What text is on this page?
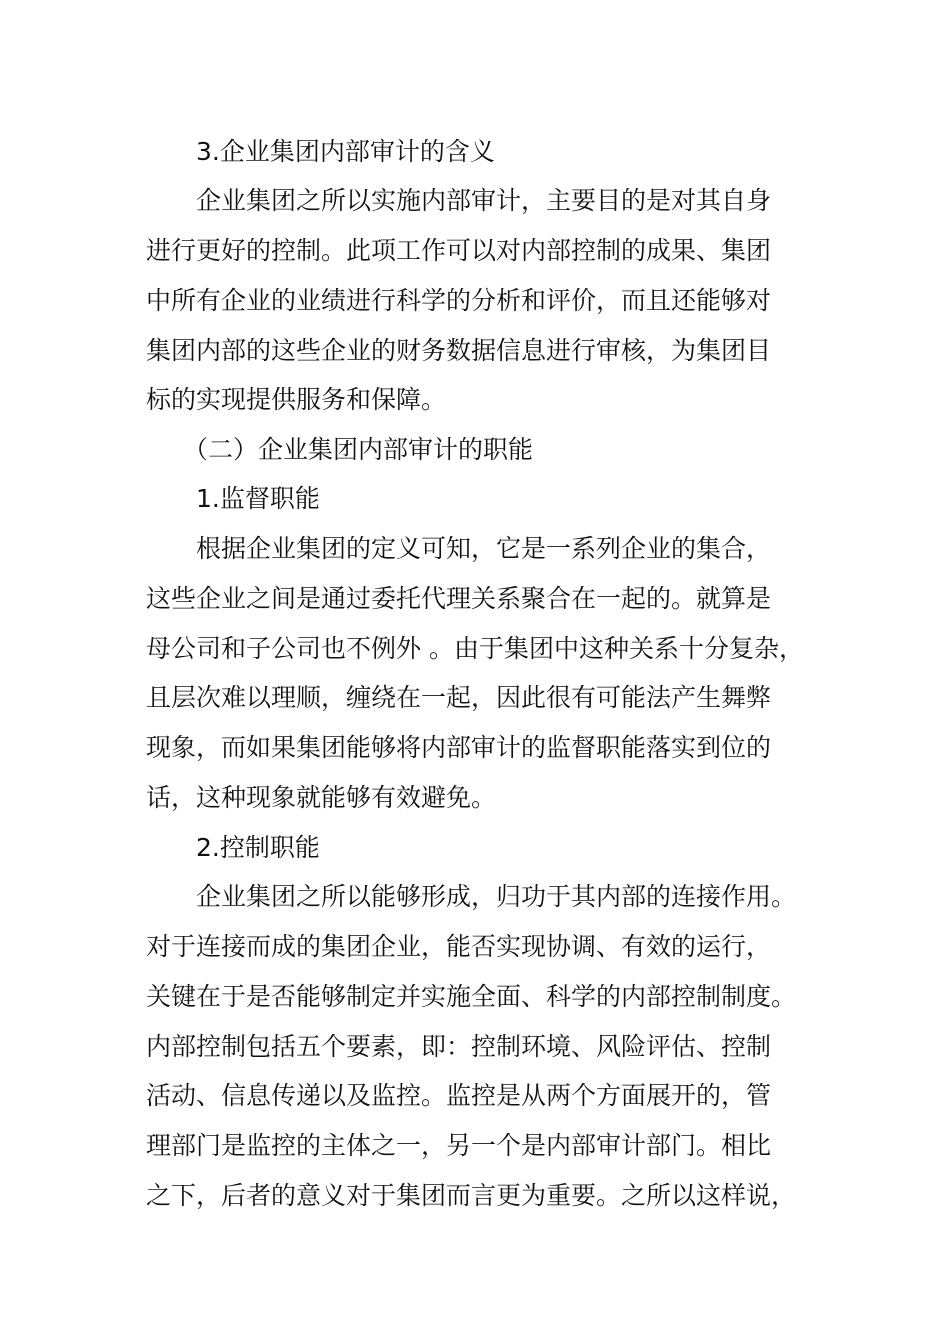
3.企业集团内部审计的含义
企业集团之所以实施内部审计，主要目的是对其自身
进行更好的控制。此项工作可以对内部控制的成果、集团
中所有企业的业绩进行科学的分析和评价，而且还能够对
集团内部的这些企业的财务数据信息进行审核，为集团目
标的实现提供服务和保障。
（二）企业集团内部审计的职能
1.监督职能
根据企业集团的定义可知，它是一系列企业的集合，
这些企业之间是通过委托代理关系聚合在一起的。就算是
母公司和子公司也不例外 。由于集团中这种关系十分复杂，
且层次难以理顺，缠绕在一起，因此很有可能法产生舞弊
现象，而如果集团能够将内部审计的监督职能落实到位的
话，这种现象就能够有效避免。
2.控制职能
企业集团之所以能够形成，归功于其内部的连接作用。
对于连接而成的集团企业，能否实现协调、有效的运行，
关键在于是否能够制定并实施全面、科学的内部控制制度。
内部控制包括五个要素，即：控制环境、风险评估、控制
活动、信息传递以及监控。监控是从两个方面展开的，管
理部门是监控的主体之一，另一个是内部审计部门。相比
之下，后者的意义对于集团而言更为重要。之所以这样说，
